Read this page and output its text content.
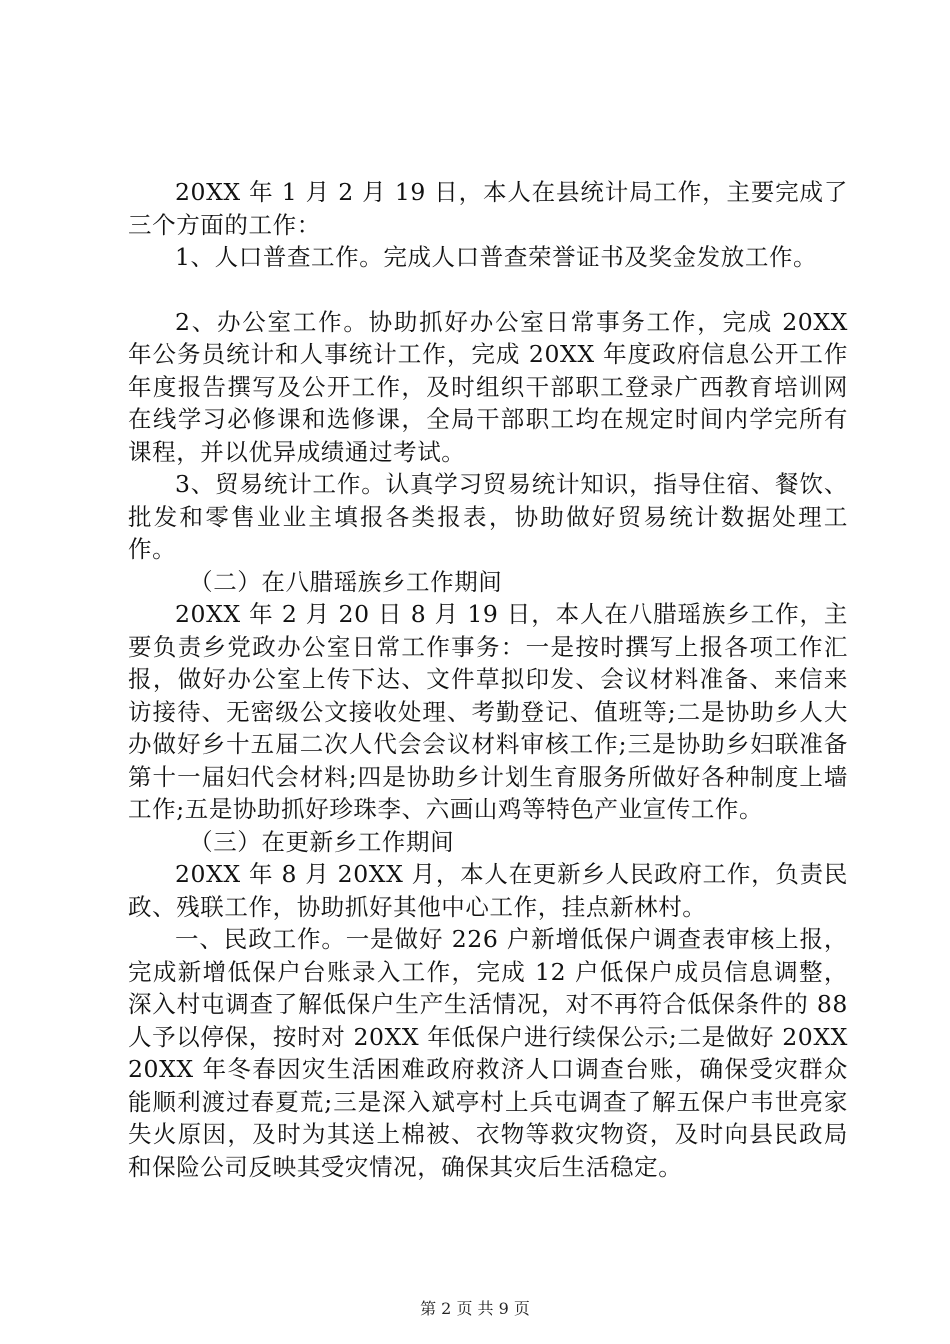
20XX 年 1 月 2 月 19 日，本人在县统计局工作，主要完成了三个方面的工作：

1、人口普查工作。完成人口普查荣誉证书及奖金发放工作。

2、办公室工作。协助抓好办公室日常事务工作，完成 20XX 年公务员统计和人事统计工作，完成 20XX 年度政府信息公开工作年度报告撰写及公开工作，及时组织干部职工登录广西教育培训网在线学习必修课和选修课，全局干部职工均在规定时间内学完所有课程，并以优异成绩通过考试。

3、贸易统计工作。认真学习贸易统计知识，指导住宿、餐饮、批发和零售业业主填报各类报表，协助做好贸易统计数据处理工作。

（二）在八腊瑶族乡工作期间

20XX 年 2 月 20 日 8 月 19 日，本人在八腊瑶族乡工作，主要负责乡党政办公室日常工作事务：一是按时撰写上报各项工作汇报，做好办公室上传下达、文件草拟印发、会议材料准备、来信来访接待、无密级公文接收处理、考勤登记、值班等;二是协助乡人大办做好乡十五届二次人代会会议材料审核工作;三是协助乡妇联准备第十一届妇代会材料;四是协助乡计划生育服务所做好各种制度上墙工作;五是协助抓好珍珠李、六画山鸡等特色产业宣传工作。

（三）在更新乡工作期间

20XX 年 8 月 20XX 月，本人在更新乡人民政府工作，负责民政、残联工作，协助抓好其他中心工作，挂点新林村。

一、民政工作。一是做好 226 户新增低保户调查表审核上报，完成新增低保户台账录入工作，完成 12 户低保户成员信息调整，深入村屯调查了解低保户生产生活情况，对不再符合低保条件的 88 人予以停保，按时对 20XX 年低保户进行续保公示;二是做好 20XX20XX 年冬春因灾生活困难政府救济人口调查台账，确保受灾群众能顺利渡过春夏荒;三是深入斌亭村上兵屯调查了解五保户韦世亮家失火原因，及时为其送上棉被、衣物等救灾物资，及时向县民政局和保险公司反映其受灾情况，确保其灾后生活稳定。

第 2 页 共 9 页
